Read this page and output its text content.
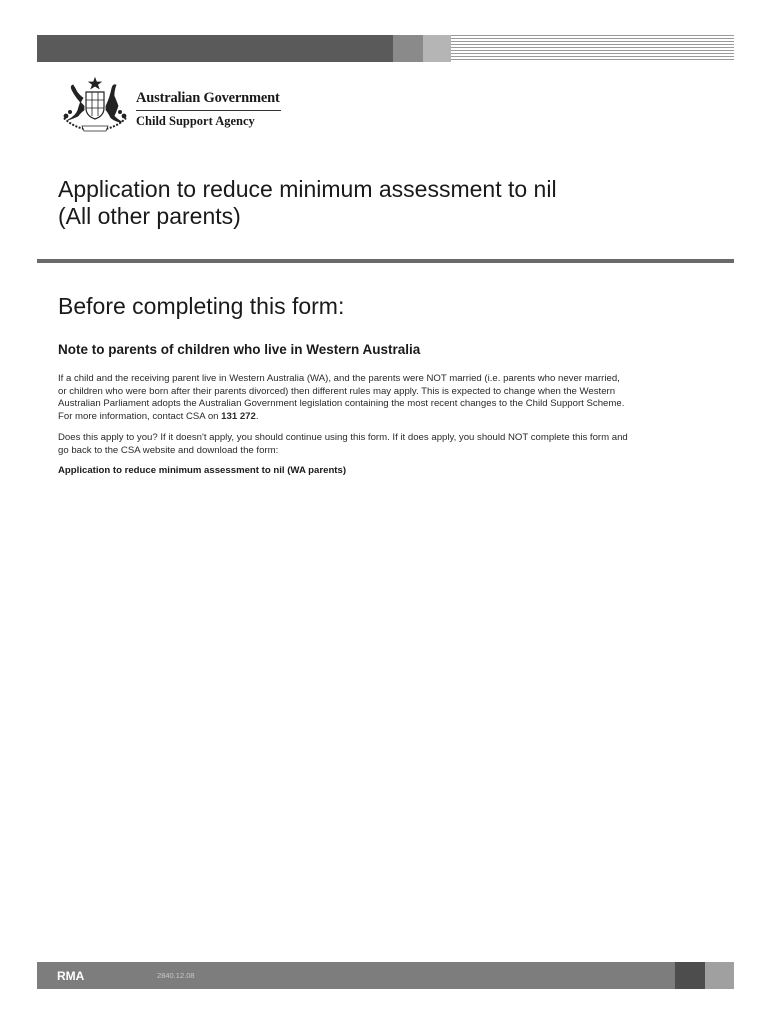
Australian Government
Child Support Agency
Application to reduce minimum assessment to nil
(All other parents)
Before completing this form:
Note to parents of children who live in Western Australia
If a child and the receiving parent live in Western Australia (WA), and the parents were NOT married (i.e. parents who never married,
or children who were born after their parents divorced) then different rules may apply. This is expected to change when the Western
Australian Parliament adopts the Australian Government legislation containing the most recent changes to the Child Support Scheme.
For more information, contact CSA on 131 272.
Does this apply to you? If it doesn't apply, you should continue using this form. If it does apply, you should NOT complete this form and
go back to the CSA website and download the form:
Application to reduce minimum assessment to nil (WA parents)
RMA	2840.12.08
